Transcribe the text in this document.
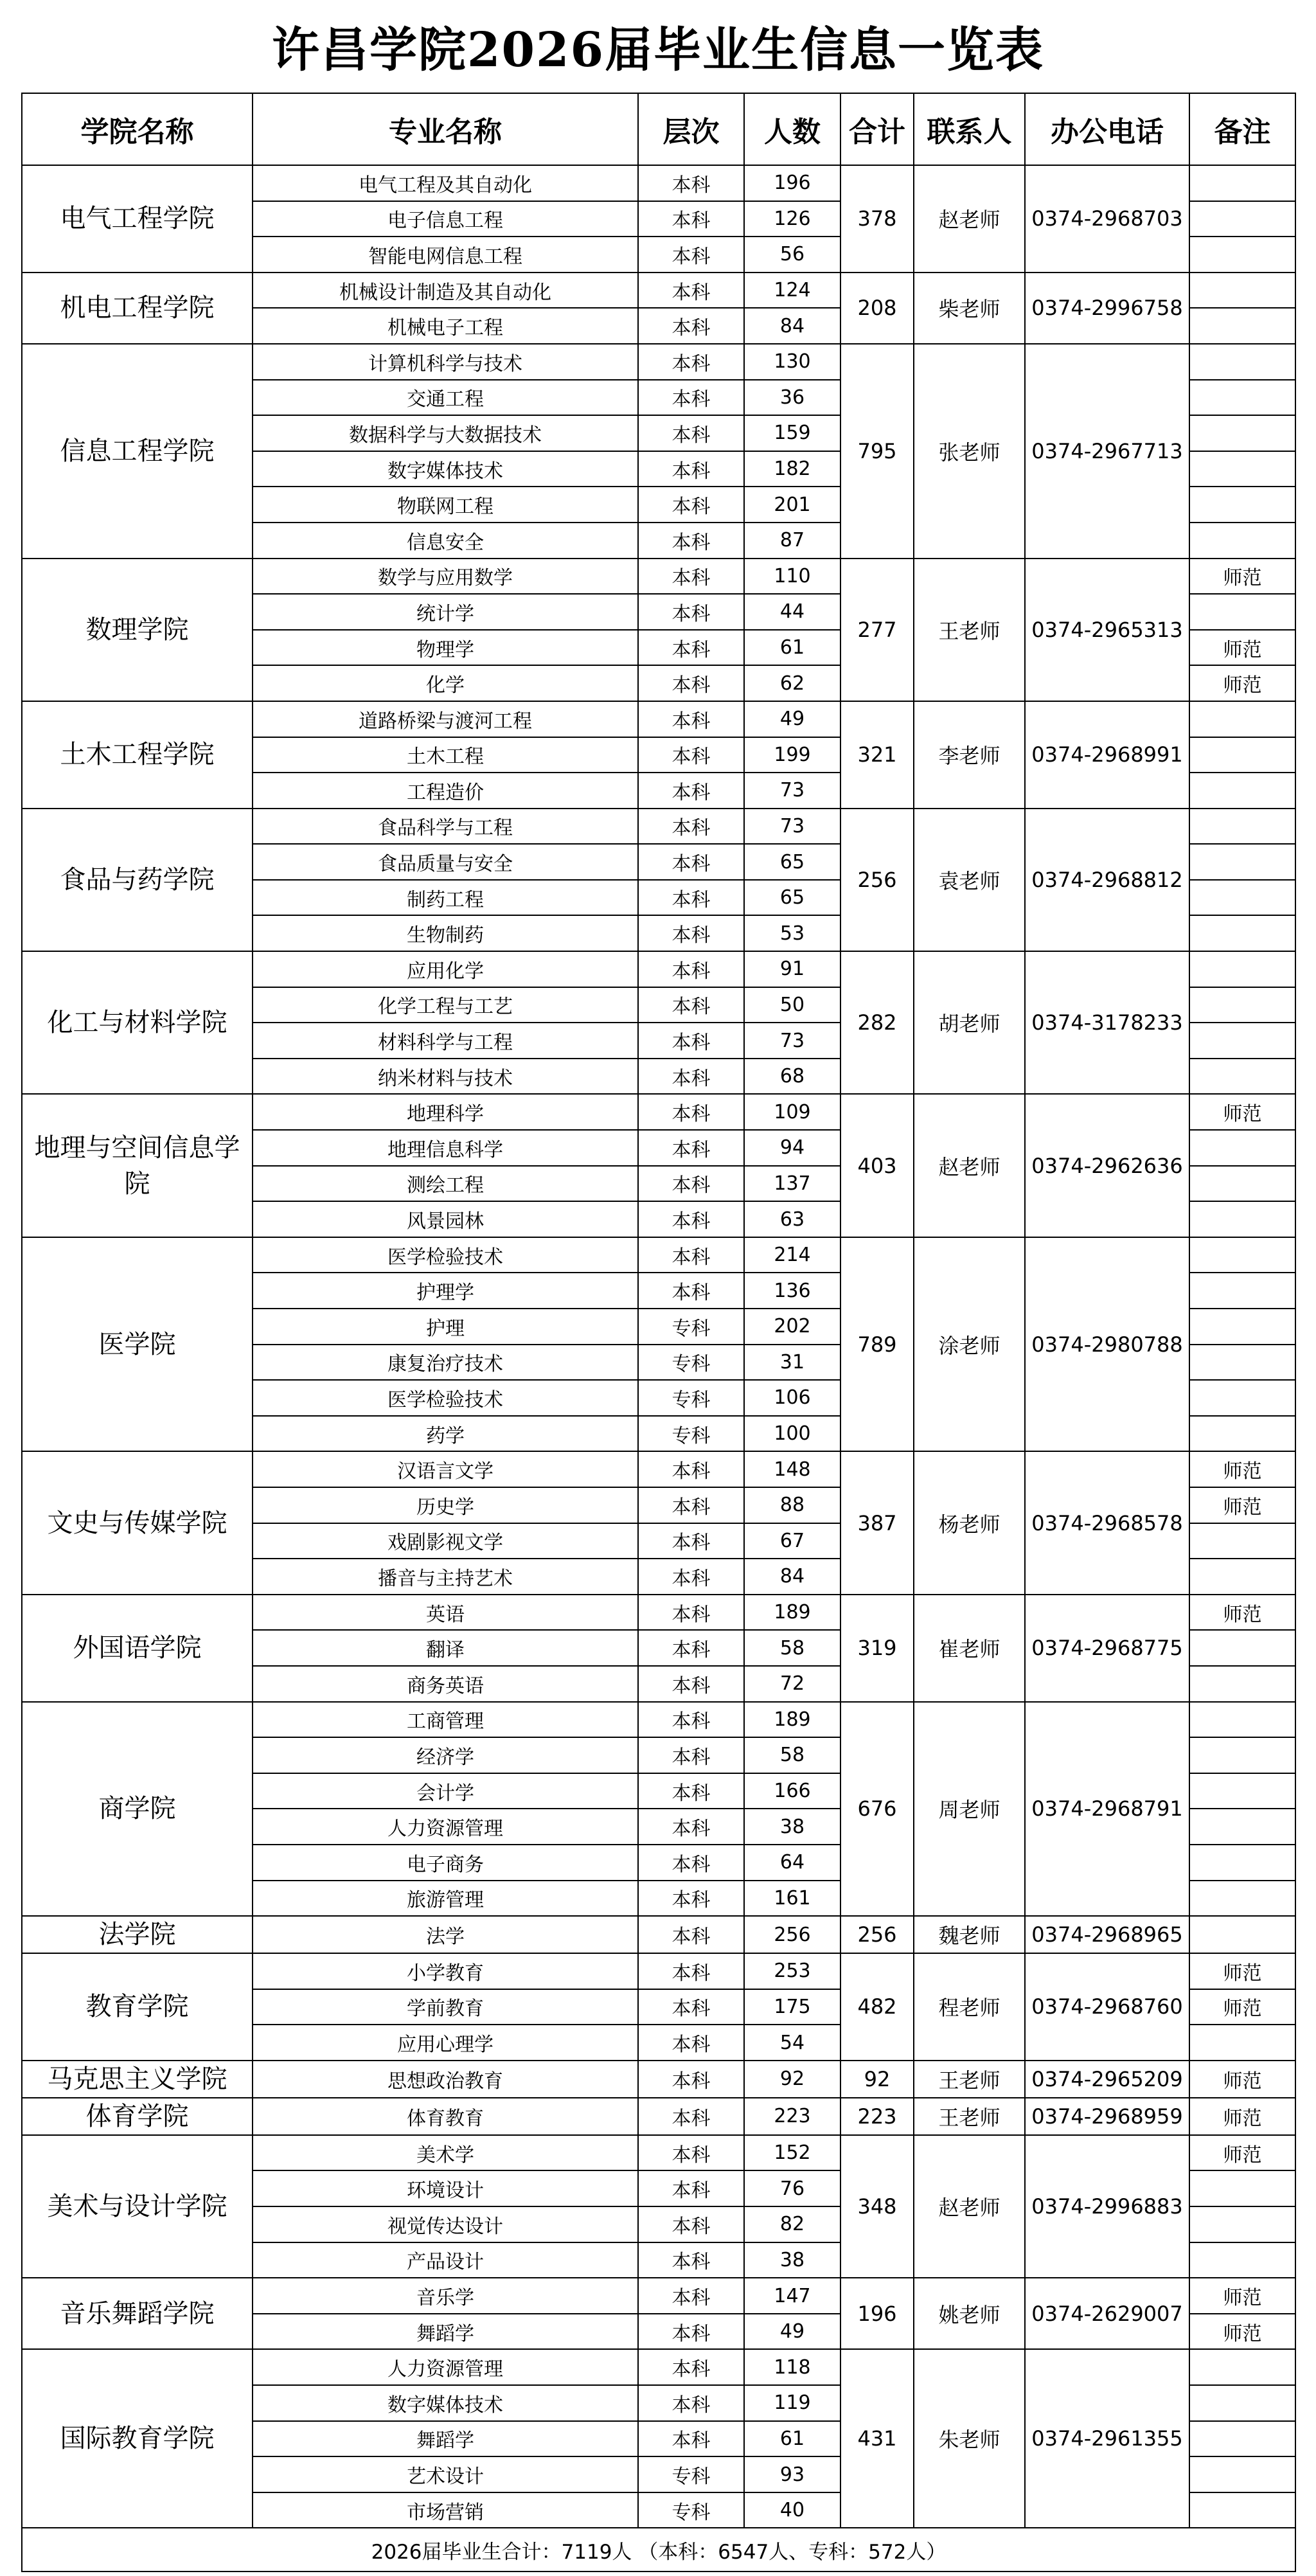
许昌学院2026届毕业生信息一览表
学院名称	专业名称	层次	人数	合计	联系人	办公电话	备注
电气工程学院	电气工程及其自动化	本科	196	378	赵老师	0374-2968703	
	电子信息工程	本科	126				
	智能电网信息工程	本科	56				
机电工程学院	机械设计制造及其自动化	本科	124	208	柴老师	0374-2996758	
	机械电子工程	本科	84				
信息工程学院	计算机科学与技术	本科	130	795	张老师	0374-2967713	
	交通工程	本科	36				
	数据科学与大数据技术	本科	159				
	数字媒体技术	本科	182				
	物联网工程	本科	201				
	信息安全	本科	87				
数理学院	数学与应用数学	本科	110	277	王老师	0374-2965313	师范
	统计学	本科	44				
	物理学	本科	61				师范
	化学	本科	62				师范
土木工程学院	道路桥梁与渡河工程	本科	49	321	李老师	0374-2968991	
	土木工程	本科	199				
	工程造价	本科	73				
食品与药学院	食品科学与工程	本科	73	256	袁老师	0374-2968812	
	食品质量与安全	本科	65				
	制药工程	本科	65				
	生物制药	本科	53				
化工与材料学院	应用化学	本科	91	282	胡老师	0374-3178233	
	化学工程与工艺	本科	50				
	材料科学与工程	本科	73				
	纳米材料与技术	本科	68				
地理与空间信息学院	地理科学	本科	109	403	赵老师	0374-2962636	师范
	地理信息科学	本科	94				
	测绘工程	本科	137				
	风景园林	本科	63				
医学院	医学检验技术	本科	214	789	涂老师	0374-2980788	
	护理学	本科	136				
	护理	专科	202				
	康复治疗技术	专科	31				
	医学检验技术	专科	106				
	药学	专科	100				
文史与传媒学院	汉语言文学	本科	148	387	杨老师	0374-2968578	师范
	历史学	本科	88				师范
	戏剧影视文学	本科	67				
	播音与主持艺术	本科	84				
外国语学院	英语	本科	189	319	崔老师	0374-2968775	师范
	翻译	本科	58				
	商务英语	本科	72				
商学院	工商管理	本科	189	676	周老师	0374-2968791	
	经济学	本科	58				
	会计学	本科	166				
	人力资源管理	本科	38				
	电子商务	本科	64				
	旅游管理	本科	161				
法学院	法学	本科	256	256	魏老师	0374-2968965	
教育学院	小学教育	本科	253	482	程老师	0374-2968760	师范
	学前教育	本科	175				师范
	应用心理学	本科	54				
马克思主义学院	思想政治教育	本科	92	92	王老师	0374-2965209	师范
体育学院	体育教育	本科	223	223	王老师	0374-2968959	师范
美术与设计学院	美术学	本科	152	348	赵老师	0374-2996883	师范
	环境设计	本科	76				
	视觉传达设计	本科	82				
	产品设计	本科	38				
音乐舞蹈学院	音乐学	本科	147	196	姚老师	0374-2629007	师范
	舞蹈学	本科	49				师范
国际教育学院	人力资源管理	本科	118	431	朱老师	0374-2961355	
	数字媒体技术	本科	119				
	舞蹈学	本科	61				
	艺术设计	专科	93				
	市场营销	专科	40				
2026届毕业生合计：7119人 （本科：6547人、专科：572人）							
